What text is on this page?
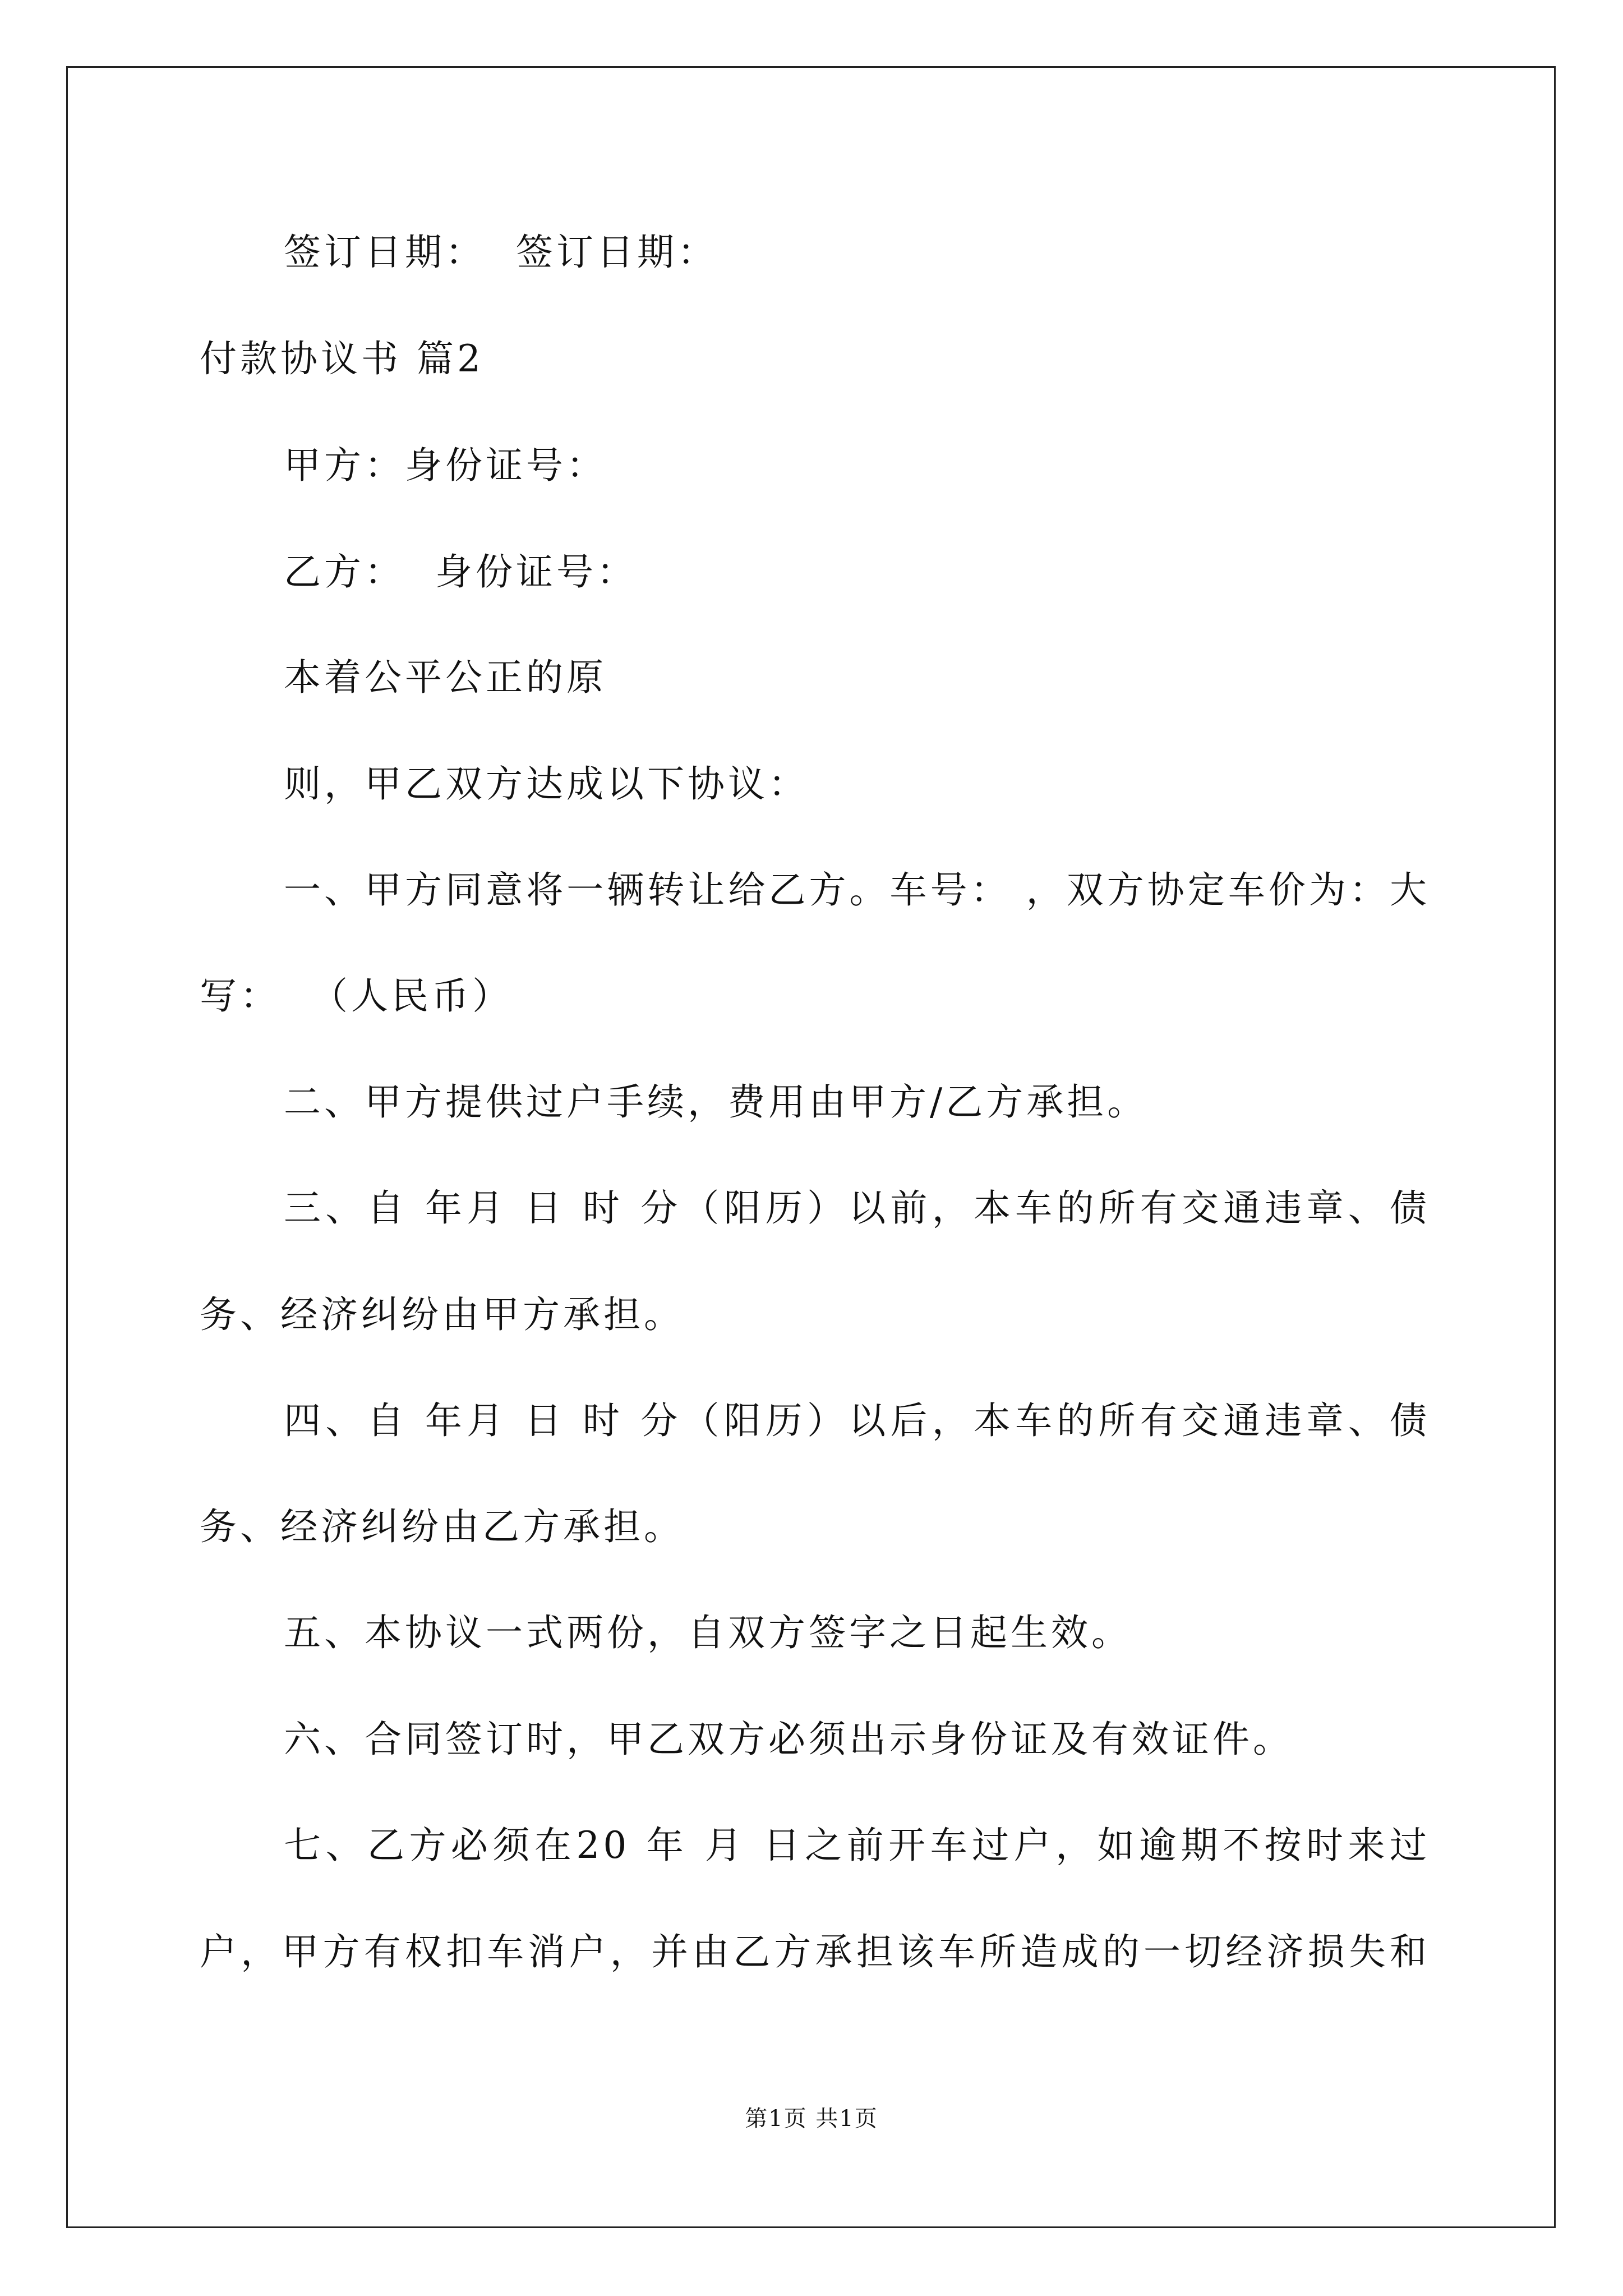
签订日期：  签订日期：
付款协议书 篇2
甲方：身份证号：
乙方：  身份证号：
本着公平公正的原
则，甲乙双方达成以下协议：
一、甲方同意将一辆转让给乙方。车号： ，双方协定车价为：大
写：  （人民币）
二、甲方提供过户手续，费用由甲方/乙方承担。
三、自 年月 日 时 分（阳历）以前，本车的所有交通违章、债
务、经济纠纷由甲方承担。
四、自 年月 日 时 分（阳历）以后，本车的所有交通违章、债
务、经济纠纷由乙方承担。
五、本协议一式两份，自双方签字之日起生效。
六、合同签订时，甲乙双方必须出示身份证及有效证件。
七、乙方必须在20 年 月 日之前开车过户，如逾期不按时来过
户，甲方有权扣车消户，并由乙方承担该车所造成的一切经济损失和
第1页 共1页
